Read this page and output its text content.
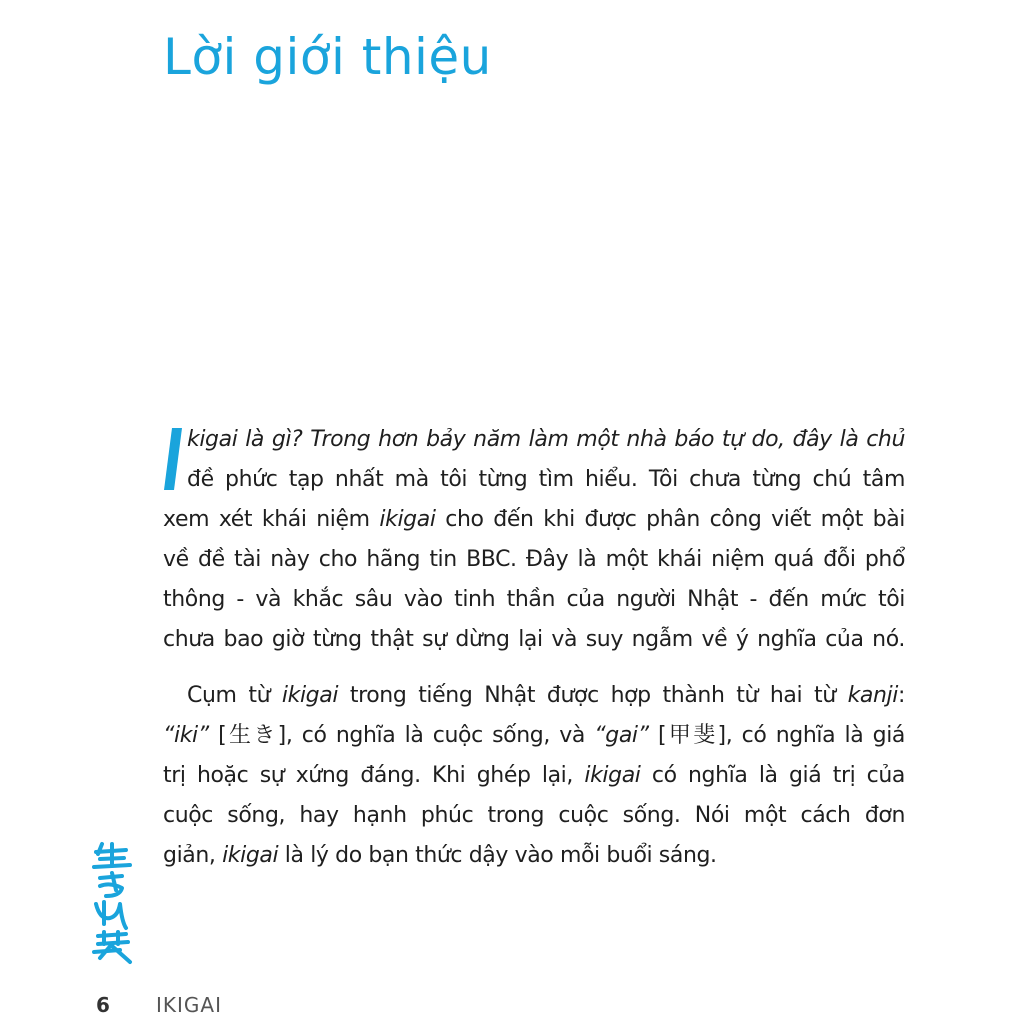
Lời giới thiệu
kigai là gì? Trong hơn bảy năm làm một nhà báo tự do, đây là chủ
đề phức tạp nhất mà tôi từng tìm hiểu. Tôi chưa từng chú tâm
xem xét khái niệm ikigai cho đến khi được phân công viết một bài
về đề tài này cho hãng tin BBC. Đây là một khái niệm quá đỗi phổ
thông - và khắc sâu vào tinh thần của người Nhật - đến mức tôi
chưa bao giờ từng thật sự dừng lại và suy ngẫm về ý nghĩa của nó.
Cụm từ ikigai trong tiếng Nhật được hợp thành từ hai từ kanji:
“iki” [生き], có nghĩa là cuộc sống, và “gai” [甲斐], có nghĩa là giá
trị hoặc sự xứng đáng. Khi ghép lại, ikigai có nghĩa là giá trị của
cuộc sống, hay hạnh phúc trong cuộc sống. Nói một cách đơn
giản, ikigai là lý do bạn thức dậy vào mỗi buổi sáng.
6 IKIGAI
